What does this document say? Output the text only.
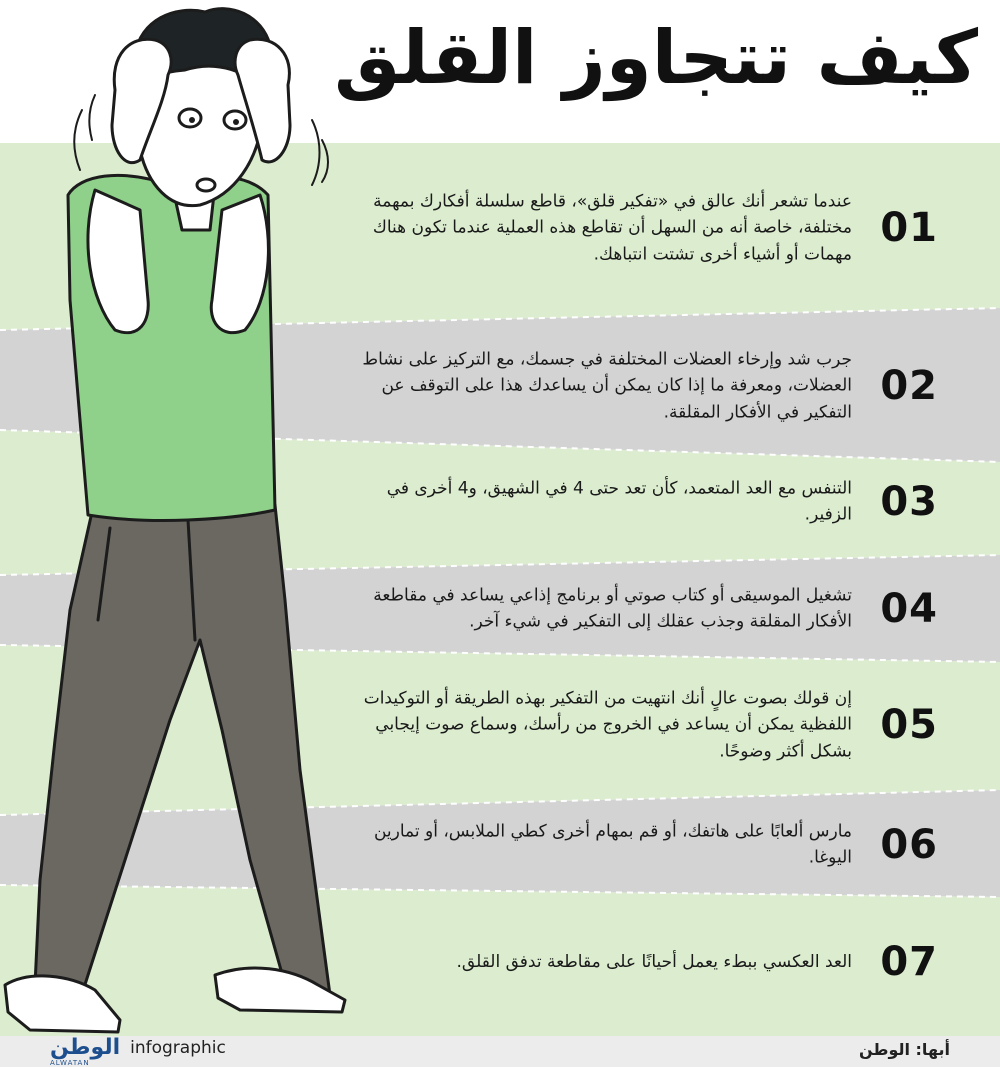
كيف تتجاوز القلق
01
عندما تشعر أنك عالق في «تفكير قلق»، قاطع سلسلة أفكارك بمهمة مختلفة، خاصة أنه من السهل أن تقاطع هذه العملية عندما تكون هناك مهمات أو أشياء أخرى تشتت انتباهك.
02
جرب شد وإرخاء العضلات المختلفة في جسمك، مع التركيز على نشاط العضلات، ومعرفة ما إذا كان يمكن أن يساعدك هذا على التوقف عن التفكير في الأفكار المقلقة.
03
التنفس مع العد المتعمد، كأن تعد حتى 4 في الشهيق، و4 أخرى في الزفير.
04
تشغيل الموسيقى أو كتاب صوتي أو برنامج إذاعي يساعد في مقاطعة الأفكار المقلقة وجذب عقلك إلى التفكير في شيء آخر.
05
إن قولك بصوت عالٍ أنك انتهيت من التفكير بهذه الطريقة أو التوكيدات اللفظية يمكن أن يساعد في الخروج من رأسك، وسماع صوت إيجابي بشكل أكثر وضوحًا.
06
مارس ألعابًا على هاتفك، أو قم بمهام أخرى كطي الملابس، أو تمارين اليوغا.
07
العد العكسي ببطء يعمل أحيانًا على مقاطعة تدفق القلق.
الوطن
ALWATAN
infographic	أبها: الوطن
